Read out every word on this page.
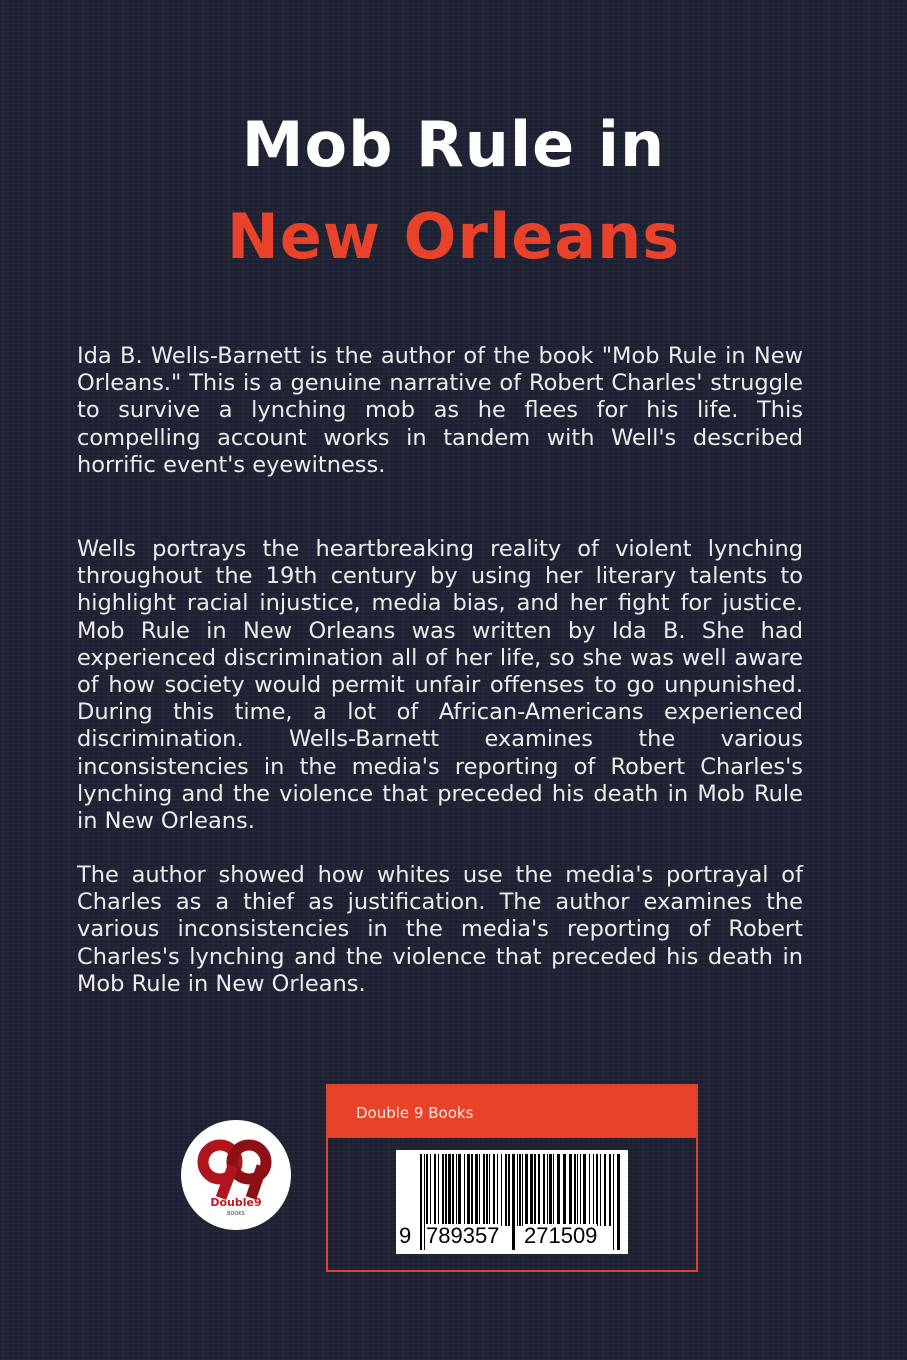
Mob Rule in
New Orleans
Ida B. Wells-Barnett is the author of the book "Mob Rule in New Orleans." This is a genuine narrative of Robert Charles' struggle to survive a lynching mob as he flees for his life. This compelling account works in tandem with Well's described horrific event's eyewitness.
Wells portrays the heartbreaking reality of violent lynching throughout the 19th century by using her literary talents to highlight racial injustice, media bias, and her fight for justice. Mob Rule in New Orleans was written by Ida B. She had experienced discrimination all of her life, so she was well aware of how society would permit unfair offenses to go unpunished. During this time, a lot of African-Americans experienced discrimination. Wells-Barnett examines the various inconsistencies in the media's reporting of Robert Charles's lynching and the violence that preceded his death in Mob Rule in New Orleans.
The author showed how whites use the media's portrayal of Charles as a thief as justification. The author examines the various inconsistencies in the media's reporting of Robert Charles's lynching and the violence that preceded his death in Mob Rule in New Orleans.
Double9
BOOKS
Double 9 Books
9 789357 271509
